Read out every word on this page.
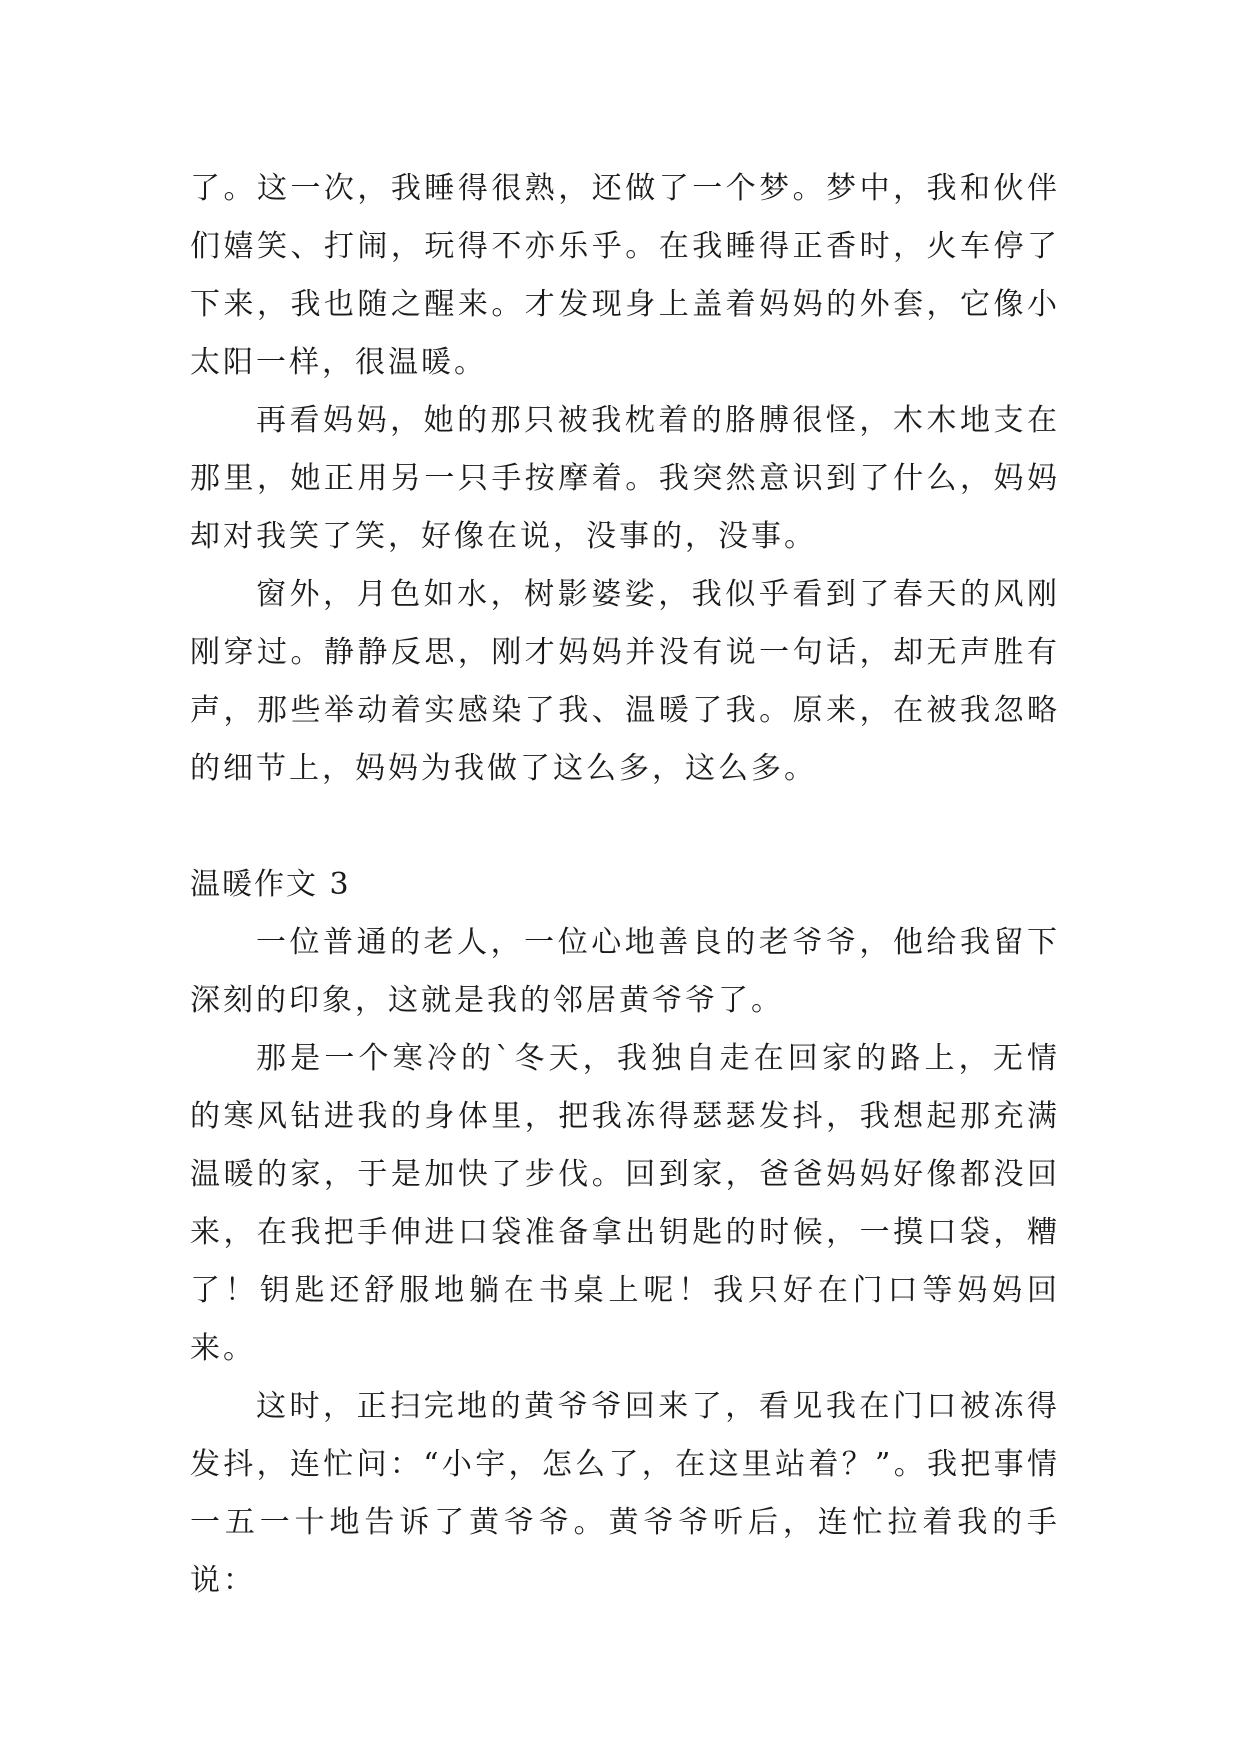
了。这一次，我睡得很熟，还做了一个梦。梦中，我和伙伴们嬉笑、打闹，玩得不亦乐乎。在我睡得正香时，火车停了下来，我也随之醒来。才发现身上盖着妈妈的外套，它像小太阳一样，很温暖。

再看妈妈，她的那只被我枕着的胳膊很怪，木木地支在那里，她正用另一只手按摩着。我突然意识到了什么，妈妈却对我笑了笑，好像在说，没事的，没事。

窗外，月色如水，树影婆娑，我似乎看到了春天的风刚刚穿过。静静反思，刚才妈妈并没有说一句话，却无声胜有声，那些举动着实感染了我、温暖了我。原来，在被我忽略的细节上，妈妈为我做了这么多，这么多。

温暖作文 3

一位普通的老人，一位心地善良的老爷爷，他给我留下深刻的印象，这就是我的邻居黄爷爷了。

那是一个寒冷的`冬天，我独自走在回家的路上，无情的寒风钻进我的身体里，把我冻得瑟瑟发抖，我想起那充满温暖的家，于是加快了步伐。回到家，爸爸妈妈好像都没回来，在我把手伸进口袋准备拿出钥匙的时候，一摸口袋，糟了！钥匙还舒服地躺在书桌上呢！我只好在门口等妈妈回来。

这时，正扫完地的黄爷爷回来了，看见我在门口被冻得发抖，连忙问：“小宇，怎么了，在这里站着？”。我把事情一五一十地告诉了黄爷爷。黄爷爷听后，连忙拉着我的手说：
